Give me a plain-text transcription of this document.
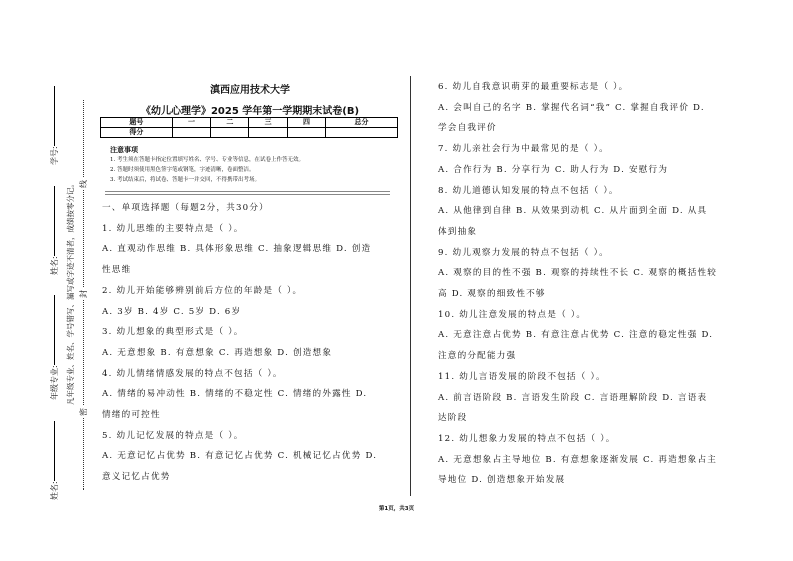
姓名:
年级专业:
姓名:
学号:
凡年级专业、姓名、学号错写、漏写或字迹不清者，成绩按零分记。
密
封
线
滇西应用技术大学
《幼儿心理学》2025 学年第一学期期末试卷(B)
题号	一	二	三	四	总分
得分					
注意事项
1. 考生须在答题卡指定位置填写姓名、学号、专业等信息，在试卷上作答无效。
2. 答题时须使用黑色签字笔或钢笔，字迹清晰，卷面整洁。
3. 考试结束后，将试卷、答题卡一并交回，不得携带出考场。
一、单项选择题（每题2分，共30分）
1. 幼儿思维的主要特点是（ ）。
A. 直观动作思维 B. 具体形象思维 C. 抽象逻辑思维 D. 创造
性思维
2. 幼儿开始能够辨别前后方位的年龄是（ ）。
A. 3岁 B. 4岁 C. 5岁 D. 6岁
3. 幼儿想象的典型形式是（ ）。
A. 无意想象 B. 有意想象 C. 再造想象 D. 创造想象
4. 幼儿情绪情感发展的特点不包括（ ）。
A. 情绪的易冲动性 B. 情绪的不稳定性 C. 情绪的外露性 D.
情绪的可控性
5. 幼儿记忆发展的特点是（ ）。
A. 无意记忆占优势 B. 有意记忆占优势 C. 机械记忆占优势 D.
意义记忆占优势
6. 幼儿自我意识萌芽的最重要标志是（ ）。
A. 会叫自己的名字 B. 掌握代名词“我” C. 掌握自我评价 D.
学会自我评价
7. 幼儿亲社会行为中最常见的是（ ）。
A. 合作行为 B. 分享行为 C. 助人行为 D. 安慰行为
8. 幼儿道德认知发展的特点不包括（ ）。
A. 从他律到自律 B. 从效果到动机 C. 从片面到全面 D. 从具
体到抽象
9. 幼儿观察力发展的特点不包括（ ）。
A. 观察的目的性不强 B. 观察的持续性不长 C. 观察的概括性较
高 D. 观察的细致性不够
10. 幼儿注意发展的特点是（ ）。
A. 无意注意占优势 B. 有意注意占优势 C. 注意的稳定性强 D.
注意的分配能力强
11. 幼儿言语发展的阶段不包括（ ）。
A. 前言语阶段 B. 言语发生阶段 C. 言语理解阶段 D. 言语表
达阶段
12. 幼儿想象力发展的特点不包括（ ）。
A. 无意想象占主导地位 B. 有意想象逐渐发展 C. 再造想象占主
导地位 D. 创造想象开始发展
第1页，共3页
